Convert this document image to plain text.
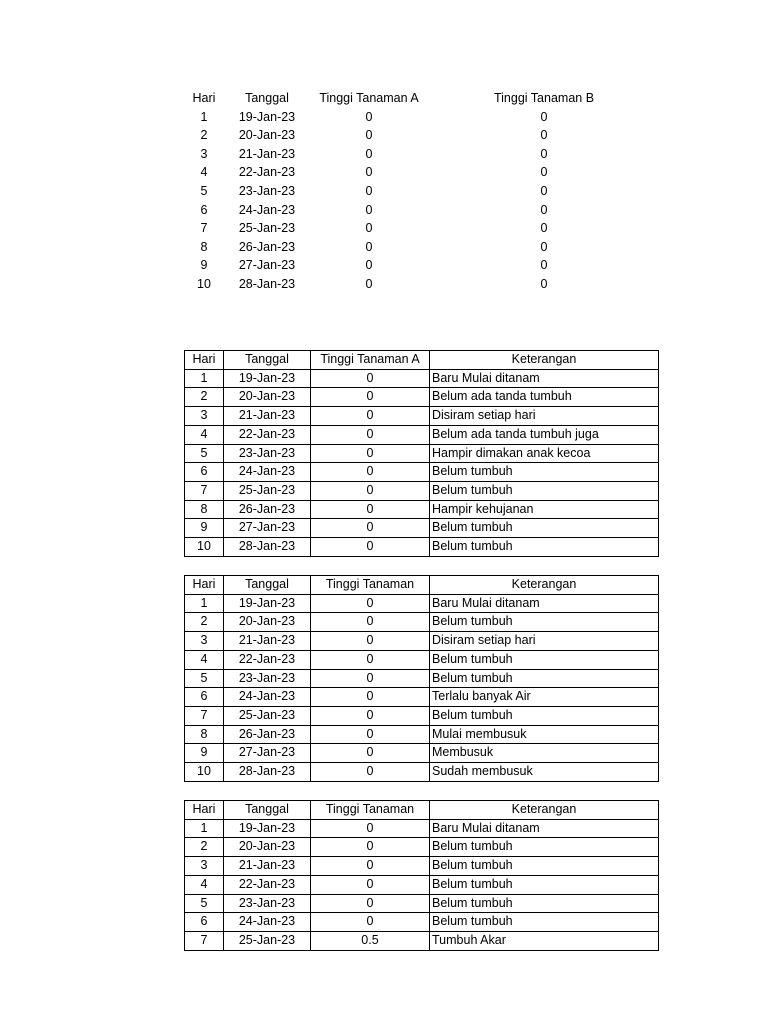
Hari	Tanggal	Tinggi Tanaman A		Tinggi Tanaman B
1	19-Jan-23	0		0
2	20-Jan-23	0		0
3	21-Jan-23	0		0
4	22-Jan-23	0		0
5	23-Jan-23	0		0
6	24-Jan-23	0		0
7	25-Jan-23	0		0
8	26-Jan-23	0		0
9	27-Jan-23	0		0
10	28-Jan-23	0		0
Hari	Tanggal	Tinggi Tanaman A	Keterangan
1	19-Jan-23	0	Baru Mulai ditanam
2	20-Jan-23	0	Belum ada tanda tumbuh
3	21-Jan-23	0	Disiram setiap hari
4	22-Jan-23	0	Belum ada tanda tumbuh juga
5	23-Jan-23	0	Hampir dimakan anak kecoa
6	24-Jan-23	0	Belum tumbuh
7	25-Jan-23	0	Belum tumbuh
8	26-Jan-23	0	Hampir kehujanan
9	27-Jan-23	0	Belum tumbuh
10	28-Jan-23	0	Belum tumbuh
Hari	Tanggal	Tinggi Tanaman	Keterangan
1	19-Jan-23	0	Baru Mulai ditanam
2	20-Jan-23	0	Belum tumbuh
3	21-Jan-23	0	Disiram setiap hari
4	22-Jan-23	0	Belum tumbuh
5	23-Jan-23	0	Belum tumbuh
6	24-Jan-23	0	Terlalu banyak Air
7	25-Jan-23	0	Belum tumbuh
8	26-Jan-23	0	Mulai membusuk
9	27-Jan-23	0	Membusuk
10	28-Jan-23	0	Sudah membusuk
Hari	Tanggal	Tinggi Tanaman	Keterangan
1	19-Jan-23	0	Baru Mulai ditanam
2	20-Jan-23	0	Belum tumbuh
3	21-Jan-23	0	Belum tumbuh
4	22-Jan-23	0	Belum tumbuh
5	23-Jan-23	0	Belum tumbuh
6	24-Jan-23	0	Belum tumbuh
7	25-Jan-23	0.5	Tumbuh Akar
